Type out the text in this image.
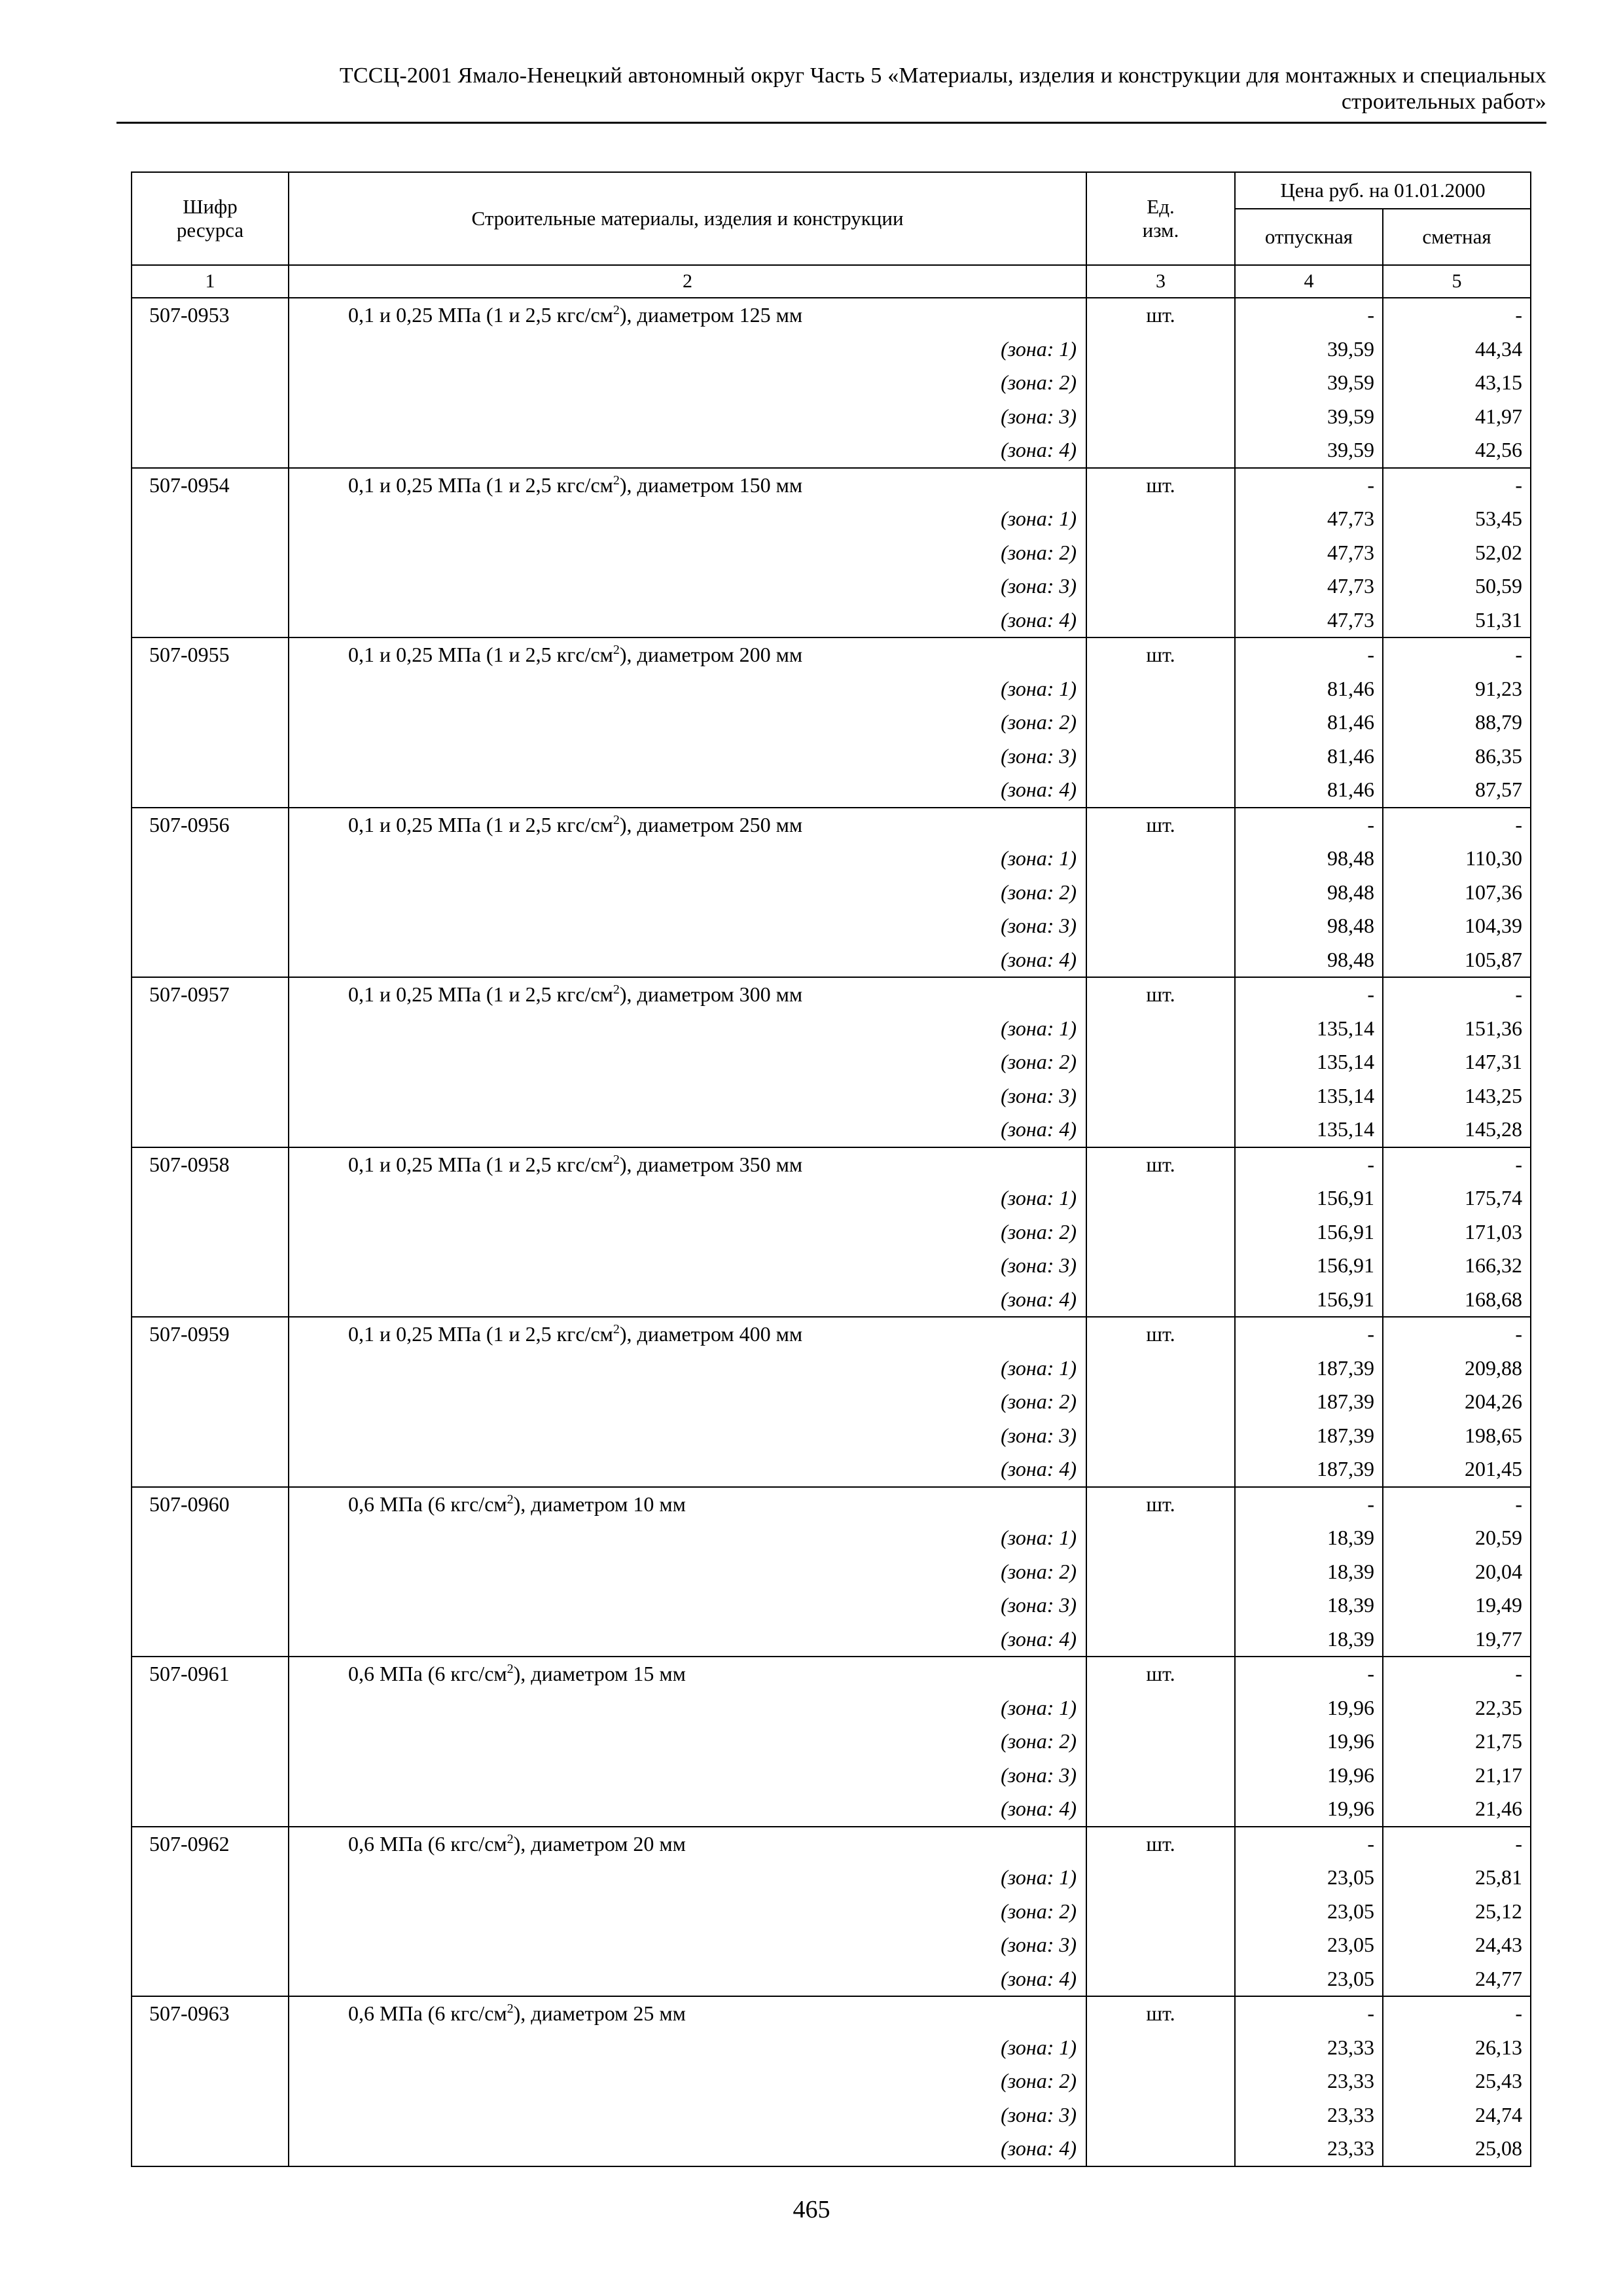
ТССЦ-2001 Ямало-Ненецкий автономный округ Часть 5 «Материалы, изделия и конструкции для монтажных и специальных
строительных работ»
Шифр ресурса	Строительные материалы, изделия и конструкции	Ед. изм.	Цена руб. на 01.01.2000	
			отпускная	сметная
1	2	3	4	5
507-0953	0,1 и 0,25 МПа (1 и 2,5 кгс/$см^2$), диаметром 125 мм	шт.	-	-
	(зона: 1)		39,59	44,34
	(зона: 2)		39,59	43,15
	(зона: 3)		39,59	41,97
	(зона: 4)		39,59	42,56
507-0954	0,1 и 0,25 МПа (1 и 2,5 кгс/$см^2$), диаметром 150 мм	шт.	-	-
	(зона: 1)		47,73	53,45
	(зона: 2)		47,73	52,02
	(зона: 3)		47,73	50,59
	(зона: 4)		47,73	51,31
507-0955	0,1 и 0,25 МПа (1 и 2,5 кгс/$см^2$), диаметром 200 мм	шт.	-	-
	(зона: 1)		81,46	91,23
	(зона: 2)		81,46	88,79
	(зона: 3)		81,46	86,35
	(зона: 4)		81,46	87,57
507-0956	0,1 и 0,25 МПа (1 и 2,5 кгс/$см^2$), диаметром 250 мм	шт.	-	-
	(зона: 1)		98,48	110,30
	(зона: 2)		98,48	107,36
	(зона: 3)		98,48	104,39
	(зона: 4)		98,48	105,87
507-0957	0,1 и 0,25 МПа (1 и 2,5 кгс/$см^2$), диаметром 300 мм	шт.	-	-
	(зона: 1)		135,14	151,36
	(зона: 2)		135,14	147,31
	(зона: 3)		135,14	143,25
	(зона: 4)		135,14	145,28
507-0958	0,1 и 0,25 МПа (1 и 2,5 кгс/$см^2$), диаметром 350 мм	шт.	-	-
	(зона: 1)		156,91	175,74
	(зона: 2)		156,91	171,03
	(зона: 3)		156,91	166,32
	(зона: 4)		156,91	168,68
507-0959	0,1 и 0,25 МПа (1 и 2,5 кгс/$см^2$), диаметром 400 мм	шт.	-	-
	(зона: 1)		187,39	209,88
	(зона: 2)		187,39	204,26
	(зона: 3)		187,39	198,65
	(зона: 4)		187,39	201,45
507-0960	0,6 МПа (6 кгс/$см^2$), диаметром 10 мм	шт.	-	-
	(зона: 1)		18,39	20,59
	(зона: 2)		18,39	20,04
	(зона: 3)		18,39	19,49
	(зона: 4)		18,39	19,77
507-0961	0,6 МПа (6 кгс/$см^2$), диаметром 15 мм	шт.	-	-
	(зона: 1)		19,96	22,35
	(зона: 2)		19,96	21,75
	(зона: 3)		19,96	21,17
	(зона: 4)		19,96	21,46
507-0962	0,6 МПа (6 кгс/$см^2$), диаметром 20 мм	шт.	-	-
	(зона: 1)		23,05	25,81
	(зона: 2)		23,05	25,12
	(зона: 3)		23,05	24,43
	(зона: 4)		23,05	24,77
507-0963	0,6 МПа (6 кгс/$см^2$), диаметром 25 мм	шт.	-	-
	(зона: 1)		23,33	26,13
	(зона: 2)		23,33	25,43
	(зона: 3)		23,33	24,74
	(зона: 4)		23,33	25,08
465
